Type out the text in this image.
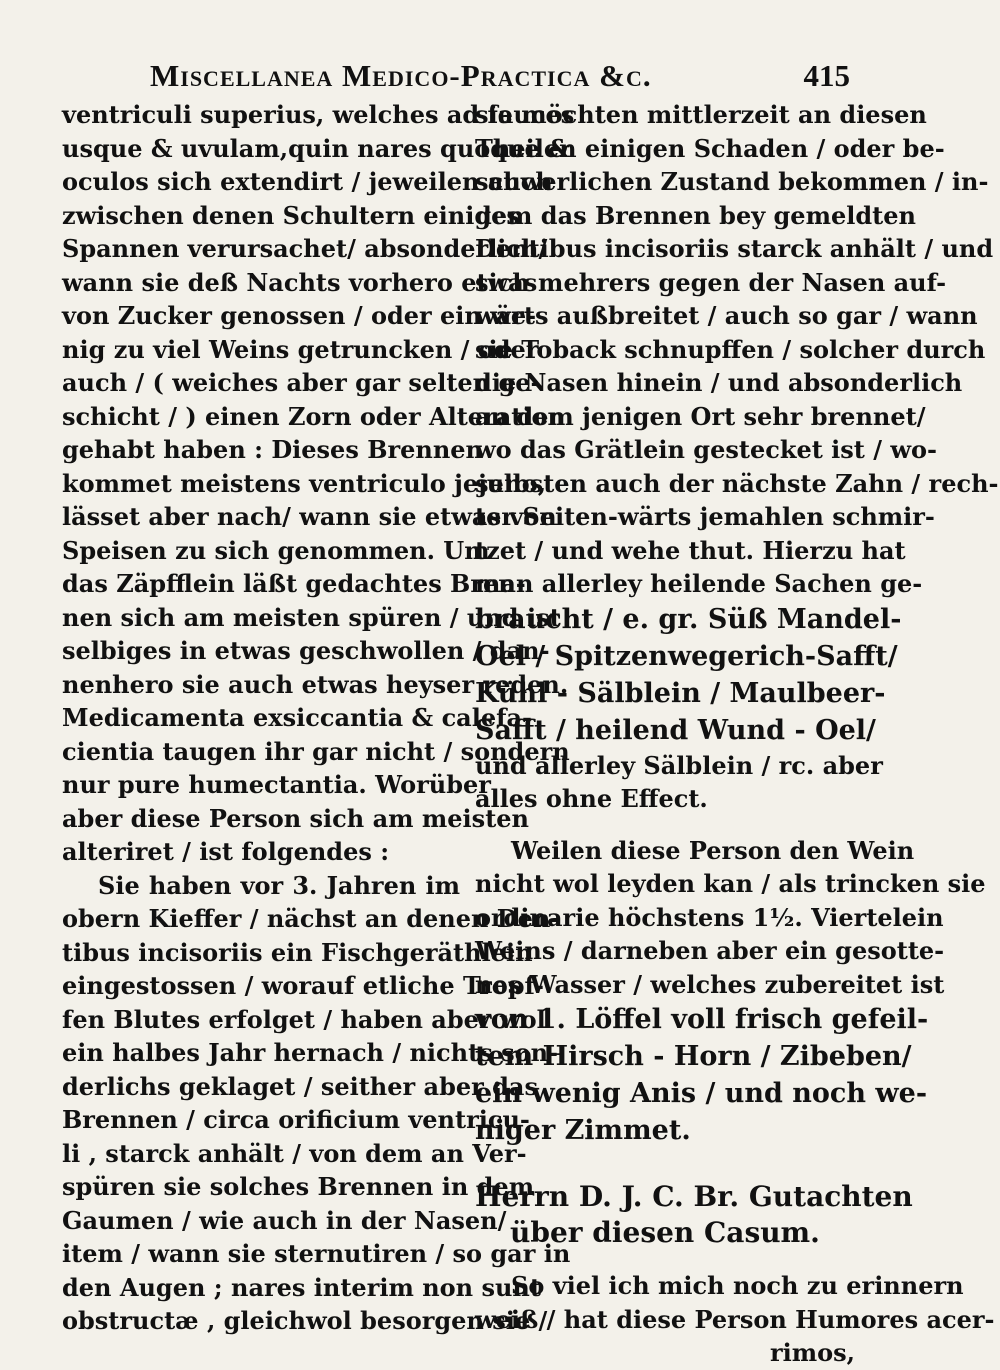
Miscellanea Medico-Practica &c.	415
ventriculi superius, welches ad fauces
usque & uvulam,quin nares quoque &
oculos sich extendirt / jeweilen auch
zwischen denen Schultern einiges
Spannen verursachet/ absonderlich/
wann sie deß Nachts vorhero etwas
von Zucker genossen / oder ein we-
nig zu viel Weins getruncken / oder
auch / ( weiches aber gar selten ge-
schicht / ) einen Zorn oder Alteration
gehabt haben : Dieses Brennen
kommet meistens ventriculo jejuno,
lässet aber nach/ wann sie etwas von
Speisen zu sich genommen. Um
das Zäpfflein läßt gedachtes Bren-
nen sich am meisten spüren / und ist
selbiges in etwas geschwollen / dan-
nenhero sie auch etwas heyser reden.
Medicamenta exsiccantia & calefa-
cientia taugen ihr gar nicht / sondern
nur pure humectantia. Worüber
aber diese Person sich am meisten
alteriret / ist folgendes :
Sie haben vor 3. Jahren im
obern Kieffer / nächst an denen Den-
tibus incisoriis ein Fischgeräthlein
eingestossen / worauf etliche Tropf-
fen Blutes erfolget / haben aber wol
ein halbes Jahr hernach / nichts son-
derlichs geklaget / seither aber das
Brennen / circa orificium ventricu-
li , starck anhält / von dem an Ver-
spüren sie solches Brennen in dem
Gaumen / wie auch in der Nasen/
item / wann sie sternutiren / so gar in
den Augen ; nares interim non sunt
obstructæ , gleichwol besorgen sie /
sie möchten mittlerzeit an diesen
Theilen einigen Schaden / oder be-
schwerlichen Zustand bekommen / in-
dem das Brennen bey gemeldten
Dentibus incisoriis starck anhält / und
sich mehrers gegen der Nasen auf-
wärts außbreitet / auch so gar / wann
sie Toback schnupffen / solcher durch
die Nasen hinein / und absonderlich
an dem jenigen Ort sehr brennet/
wo das Grätlein gestecket ist / wo-
selbsten auch der nächste Zahn / rech-
ter Seiten-wärts jemahlen schmir-
tzet / und wehe thut. Hierzu hat
man allerley heilende Sachen ge-
braucht / e. gr. Süß Mandel-
Oel / Spitzenwegerich-Safft/
Kühl - Sälblein / Maulbeer-
Safft / heilend Wund - Oel/
und allerley Sälblein / rc. aber
alles ohne Effect.
Weilen diese Person den Wein
nicht wol leyden kan / als trincken sie
ordinarie höchstens 1½. Viertelein
Weins / darneben aber ein gesotte-
nes Wasser / welches zubereitet ist
von 1. Löffel voll frisch gefeil-
tem Hirsch - Horn / Zibeben/
ein wenig Anis / und noch we-
niger Zimmet.
Herrn D. J. C. Br. Gutachten
über diesen Casum.
So viel ich mich noch zu erinnern
weiß / hat diese Person Humores acer-
rimos,
